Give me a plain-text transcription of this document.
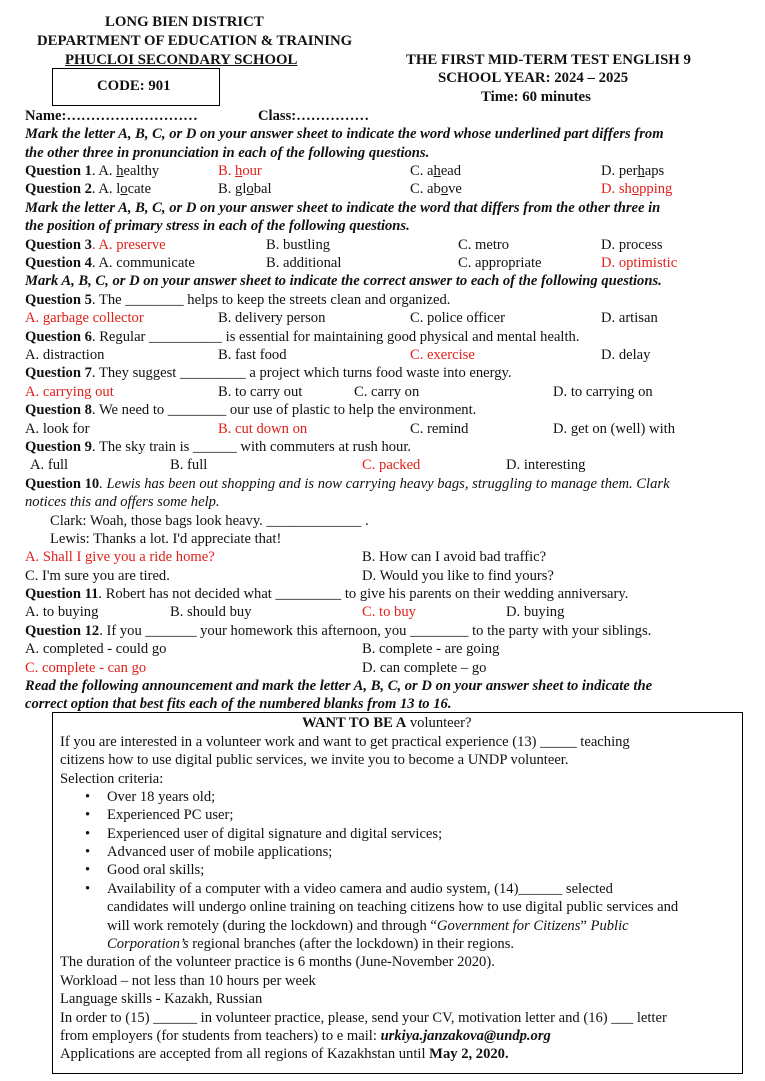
LONG BIEN DISTRICT
DEPARTMENT OF EDUCATION & TRAINING
PHUCLOI SECONDARY SCHOOL
CODE: 901
THE FIRST MID-TERM TEST ENGLISH 9
SCHOOL YEAR: 2024 – 2025
Time: 60 minutes
Name:………………………	Class:……………
Mark the letter A, B, C, or D on your answer sheet to indicate the word whose underlined part differs from
the other three in pronunciation in each of the following questions.
Question 1. A. healthy	B. hour	C. ahead	D. perhaps
Question 2. A. locate	B. global	C. above	D. shopping
Mark the letter A, B, C, or D on your answer sheet to indicate the word that differs from the other three in
the position of primary stress in each of the following questions.
Question 3. A. preserve	B. bustling	C. metro	D. process
Question 4. A. communicate	B. additional	C. appropriate	D. optimistic
Mark A, B, C, or D on your answer sheet to indicate the correct answer to each of the following questions.
Question 5. The ________ helps to keep the streets clean and organized.
A. garbage collector	B. delivery person	C. police officer	D. artisan
Question 6. Regular __________ is essential for maintaining good physical and mental health.
A. distraction	B. fast food	C. exercise	D. delay
Question 7. They suggest _________ a project which turns food waste into energy.
A. carrying out	B. to carry out	C. carry on	D. to carrying on
Question 8. We need to ________ our use of plastic to help the environment.
A. look for	B. cut down on	C. remind	D. get on (well) with
Question 9. The sky train is ______ with commuters at rush hour.
A. full	B. full	C. packed	D. interesting
Question 10. Lewis has been out shopping and is now carrying heavy bags, struggling to manage them. Clark
notices this and offers some help.
Clark: Woah, those bags look heavy. _____________ .
Lewis: Thanks a lot. I'd appreciate that!
A. Shall I give you a ride home?	B. How can I avoid bad traffic?
C. I'm sure you are tired.	D. Would you like to find yours?
Question 11. Robert has not decided what _________ to give his parents on their wedding anniversary.
A. to buying	B. should buy	C. to buy	D. buying
Question 12. If you _______ your homework this afternoon, you ________ to the party with your siblings.
A. completed - could go	B. complete - are going
C. complete - can go	D. can complete – go
Read the following announcement and mark the letter A, B, C, or D on your answer sheet to indicate the
correct option that best fits each of the numbered blanks from 13 to 16.
WANT TO BE A volunteer?
If you are interested in a volunteer work and want to get practical experience (13) _____ teaching
citizens how to use digital public services, we invite you to become a UNDP volunteer.
Selection criteria:
• Over 18 years old;
• Experienced PC user;
• Experienced user of digital signature and digital services;
• Advanced user of mobile applications;
• Good oral skills;
• Availability of a computer with a video camera and audio system, (14)______ selected
candidates will undergo online training on teaching citizens how to use digital public services and
will work remotely (during the lockdown) and through “Government for Citizens” Public
Corporation’s regional branches (after the lockdown) in their regions.
The duration of the volunteer practice is 6 months (June-November 2020).
Workload – not less than 10 hours per week
Language skills - Kazakh, Russian
In order to (15) ______ in volunteer practice, please, send your CV, motivation letter and (16) ___ letter
from employers (for students from teachers) to e mail: urkiya.janzakova@undp.org
Applications are accepted from all regions of Kazakhstan until May 2, 2020.
